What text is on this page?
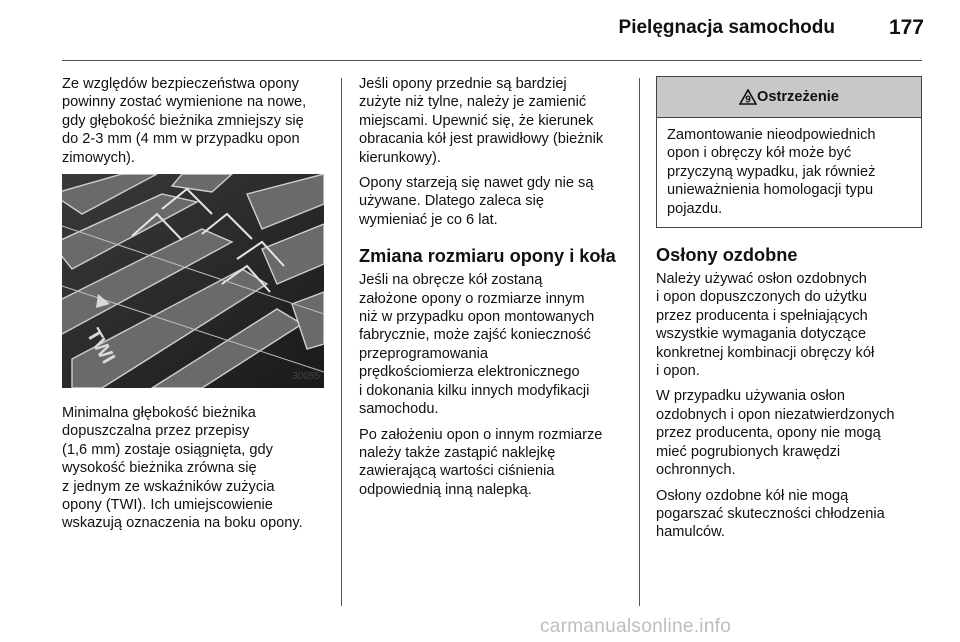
Pielęgnacja samochodu	177

Ze względów bezpieczeństwa opony
powinny zostać wymienione na nowe,
gdy głębokość bieżnika zmniejszy się
do 2-3 mm (4 mm w przypadku opon
zimowych).

TWI
30055

Minimalna głębokość bieżnika
dopuszczalna przez przepisy
(1,6 mm) zostaje osiągnięta, gdy
wysokość bieżnika zrówna się
z jednym ze wskaźników zużycia
opony (TWI). Ich umiejscowienie
wskazują oznaczenia na boku opony.

Jeśli opony przednie są bardziej
zużyte niż tylne, należy je zamienić
miejscami. Upewnić się, że kierunek
obracania kół jest prawidłowy (bieżnik
kierunkowy).

Opony starzeją się nawet gdy nie są
używane. Dlatego zaleca się
wymieniać je co 6 lat.

Zmiana rozmiaru opony i koła

Jeśli na obręcze kół zostaną
założone opony o rozmiarze innym
niż w przypadku opon montowanych
fabrycznie, może zajść konieczność
przeprogramowania
prędkościomierza elektronicznego
i dokonania kilku innych modyfikacji
samochodu.

Po założeniu opon o innym rozmiarze
należy także zastąpić naklejkę
zawierającą wartości ciśnienia
odpowiednią inną nalepką.

9 Ostrzeżenie
Zamontowanie nieodpowiednich
opon i obręczy kół może być
przyczyną wypadku, jak również
unieważnienia homologacji typu
pojazdu.
Osłony ozdobne

Należy używać osłon ozdobnych
i opon dopuszczonych do użytku
przez producenta i spełniających
wszystkie wymagania dotyczące
konkretnej kombinacji obręczy kół
i opon.

W przypadku używania osłon
ozdobnych i opon niezatwierdzonych
przez producenta, opony nie mogą
mieć pogrubionych krawędzi
ochronnych.

Osłony ozdobne kół nie mogą
pogarszać skuteczności chłodzenia
hamulców.

carmanualsonline.info
